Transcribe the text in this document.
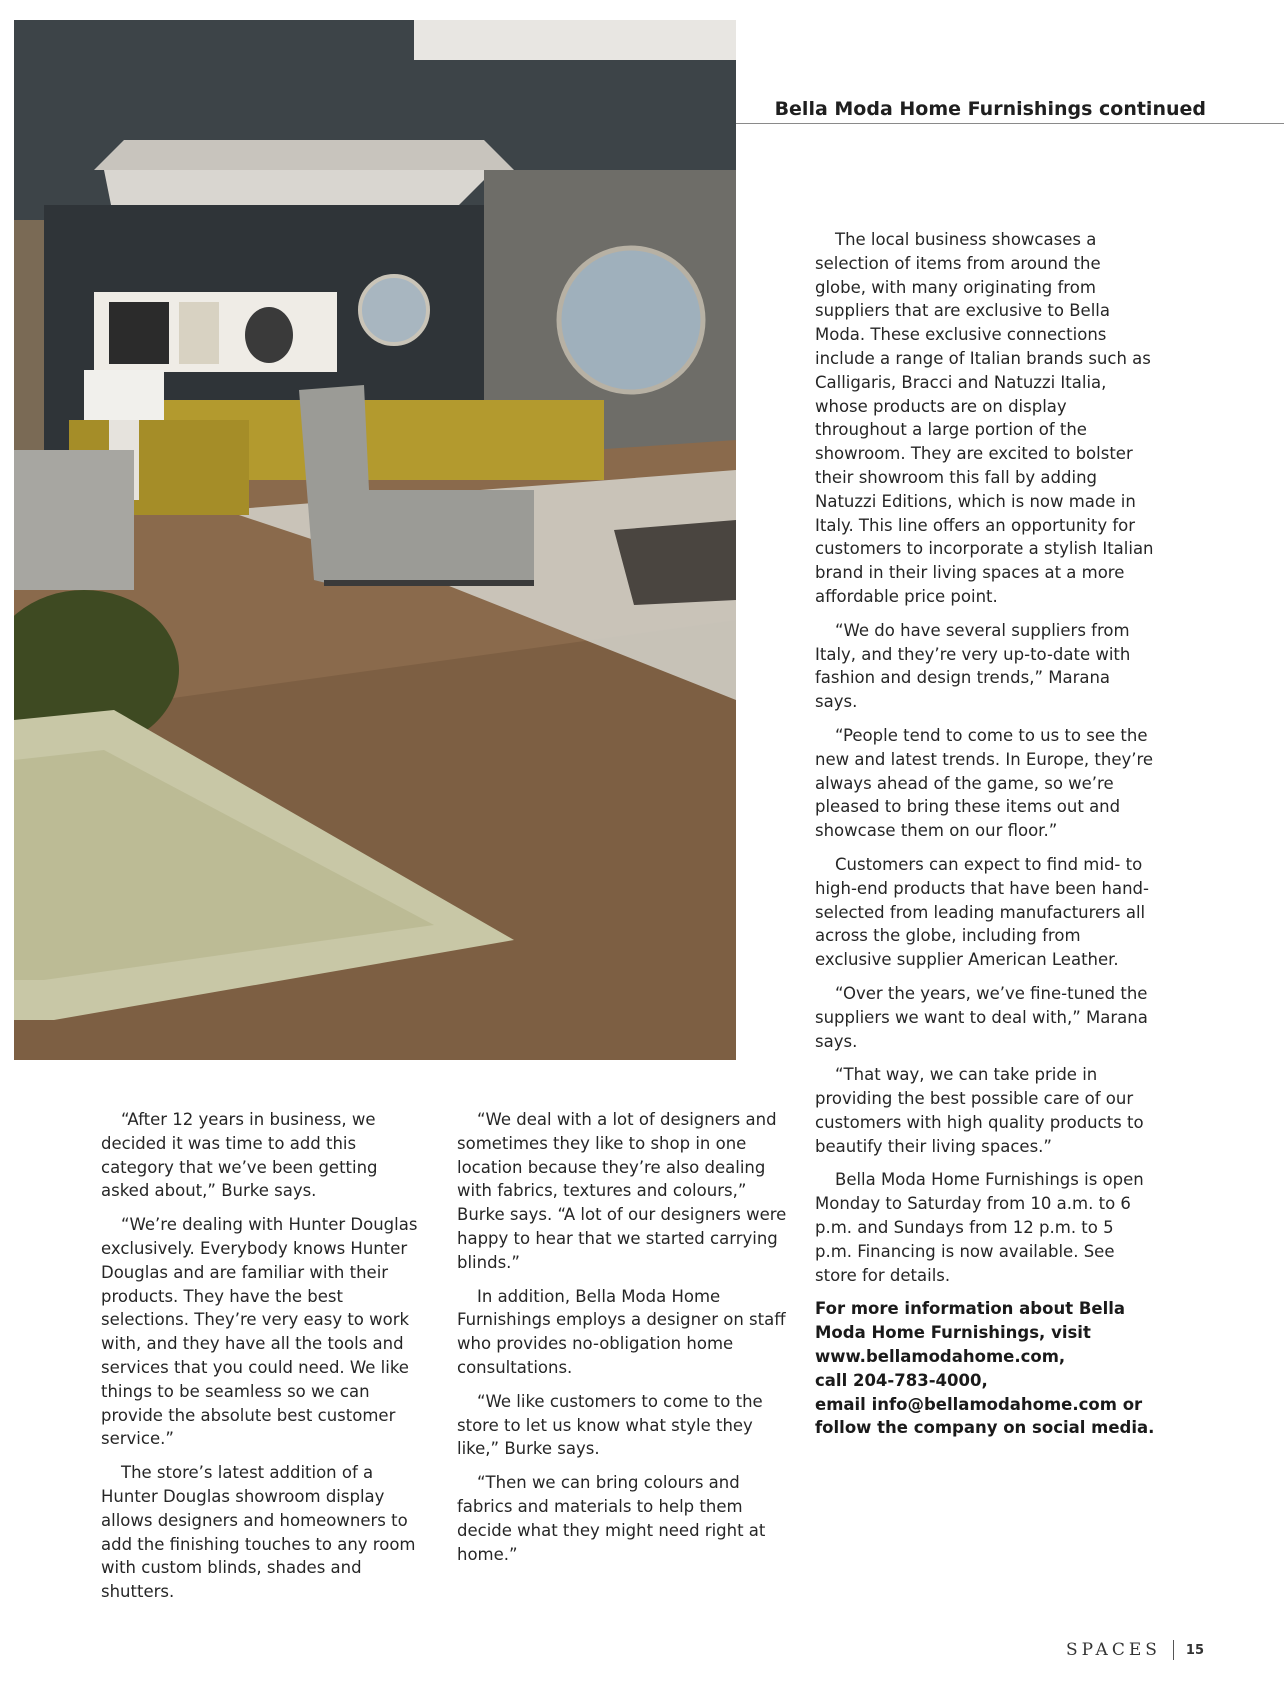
Bella Moda Home Furnishings continued

“After 12 years in business, we decided it was time to add this category that we’ve been getting asked about,” Burke says.

“We’re dealing with Hunter Douglas exclusively. Everybody knows Hunter Douglas and are familiar with their products. They have the best selections. They’re very easy to work with, and they have all the tools and services that you could need. We like things to be seamless so we can provide the absolute best customer service.”

The store’s latest addition of a Hunter Douglas showroom display allows designers and homeowners to add the finishing touches to any room with custom blinds, shades and shutters.

“We deal with a lot of designers and sometimes they like to shop in one location because they’re also dealing with fabrics, textures and colours,” Burke says. “A lot of our designers were happy to hear that we started carrying blinds.”

In addition, Bella Moda Home Furnishings employs a designer on staff who provides no-obligation home consultations.

“We like customers to come to the store to let us know what style they like,” Burke says.

“Then we can bring colours and fabrics and materials to help them decide what they might need right at home.”

The local business showcases a selection of items from around the globe, with many originating from suppliers that are exclusive to Bella Moda. These exclusive connections include a range of Italian brands such as Calligaris, Bracci and Natuzzi Italia, whose products are on display throughout a large portion of the showroom. They are excited to bolster their showroom this fall by adding Natuzzi Editions, which is now made in Italy. This line offers an opportunity for customers to incorporate a stylish Italian brand in their living spaces at a more affordable price point.

“We do have several suppliers from Italy, and they’re very up-to-date with fashion and design trends,” Marana says.

“People tend to come to us to see the new and latest trends. In Europe, they’re always ahead of the game, so we’re pleased to bring these items out and showcase them on our floor.”

Customers can expect to find mid- to high-end products that have been hand-selected from leading manufacturers all across the globe, including from exclusive supplier American Leather.

“Over the years, we’ve fine-tuned the suppliers we want to deal with,” Marana says.

“That way, we can take pride in providing the best possible care of our customers with high quality products to beautify their living spaces.”

Bella Moda Home Furnishings is open Monday to Saturday from 10 a.m. to 6 p.m. and Sundays from 12 p.m. to 5 p.m. Financing is now available. See store for details.

For more information about Bella
Moda Home Furnishings, visit
www.bellamodahome.com,
call 204-783-4000,
email info@bellamodahome.com or
follow the company on social media.

SPACES 15
